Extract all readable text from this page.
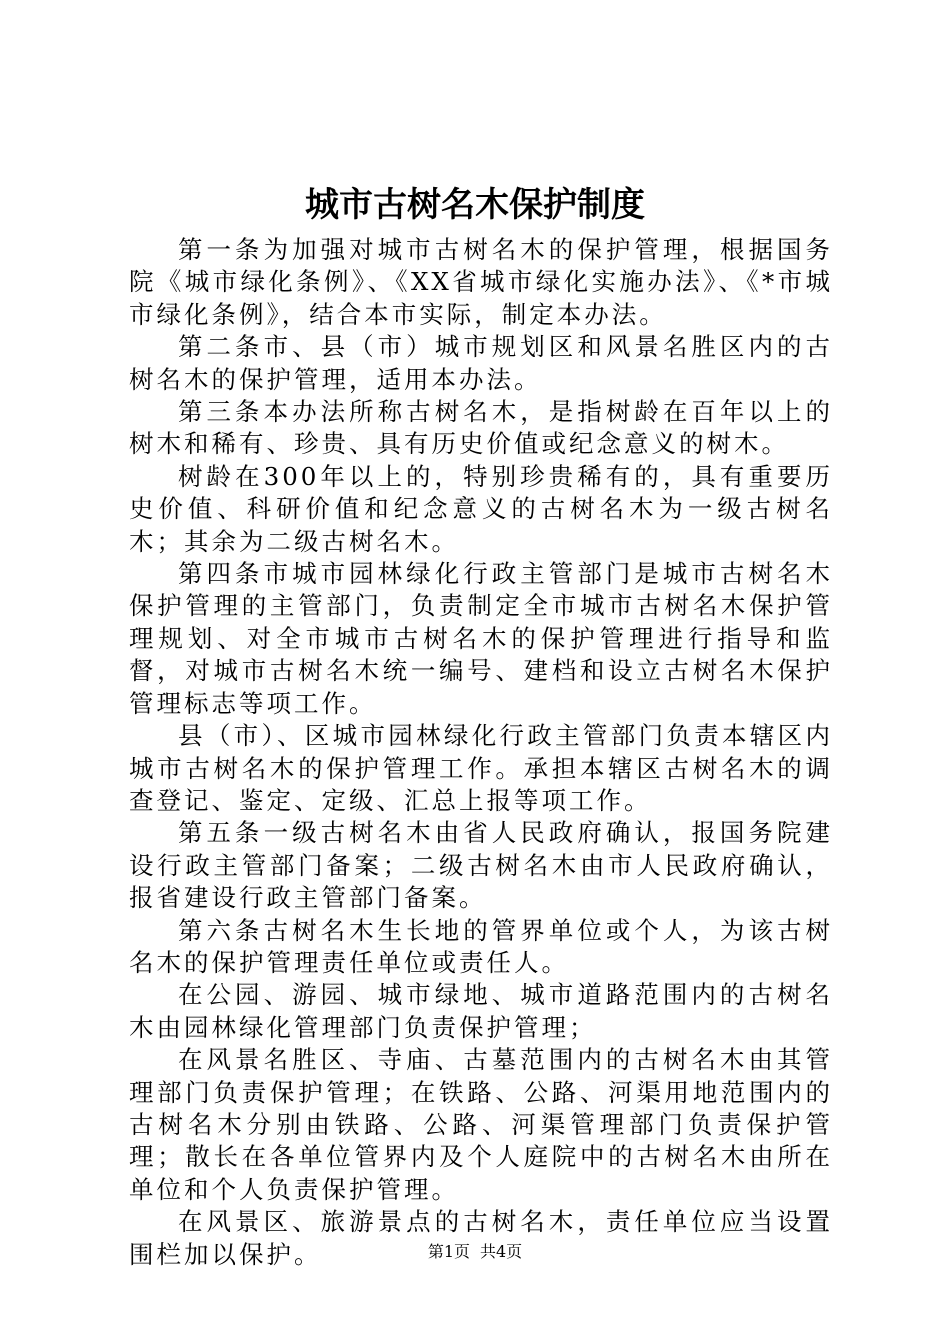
城市古树名木保护制度

第一条为加强对城市古树名木的保护管理，根据国务院《城市绿化条例》、《XX省城市绿化实施办法》、《*市城市绿化条例》，结合本市实际，制定本办法。

第二条市、县（市）城市规划区和风景名胜区内的古树名木的保护管理，适用本办法。

第三条本办法所称古树名木，是指树龄在百年以上的树木和稀有、珍贵、具有历史价值或纪念意义的树木。

树龄在300年以上的，特别珍贵稀有的，具有重要历史价值、科研价值和纪念意义的古树名木为一级古树名木；其余为二级古树名木。

第四条市城市园林绿化行政主管部门是城市古树名木保护管理的主管部门，负责制定全市城市古树名木保护管理规划、对全市城市古树名木的保护管理进行指导和监督，对城市古树名木统一编号、建档和设立古树名木保护管理标志等项工作。

县（市）、区城市园林绿化行政主管部门负责本辖区内城市古树名木的保护管理工作。承担本辖区古树名木的调查登记、鉴定、定级、汇总上报等项工作。

第五条一级古树名木由省人民政府确认，报国务院建设行政主管部门备案；二级古树名木由市人民政府确认，报省建设行政主管部门备案。

第六条古树名木生长地的管界单位或个人，为该古树名木的保护管理责任单位或责任人。

在公园、游园、城市绿地、城市道路范围内的古树名木由园林绿化管理部门负责保护管理；

在风景名胜区、寺庙、古墓范围内的古树名木由其管理部门负责保护管理；在铁路、公路、河渠用地范围内的古树名木分别由铁路、公路、河渠管理部门负责保护管理；散长在各单位管界内及个人庭院中的古树名木由所在单位和个人负责保护管理。

在风景区、旅游景点的古树名木，责任单位应当设置围栏加以保护。	第1页 共4页
